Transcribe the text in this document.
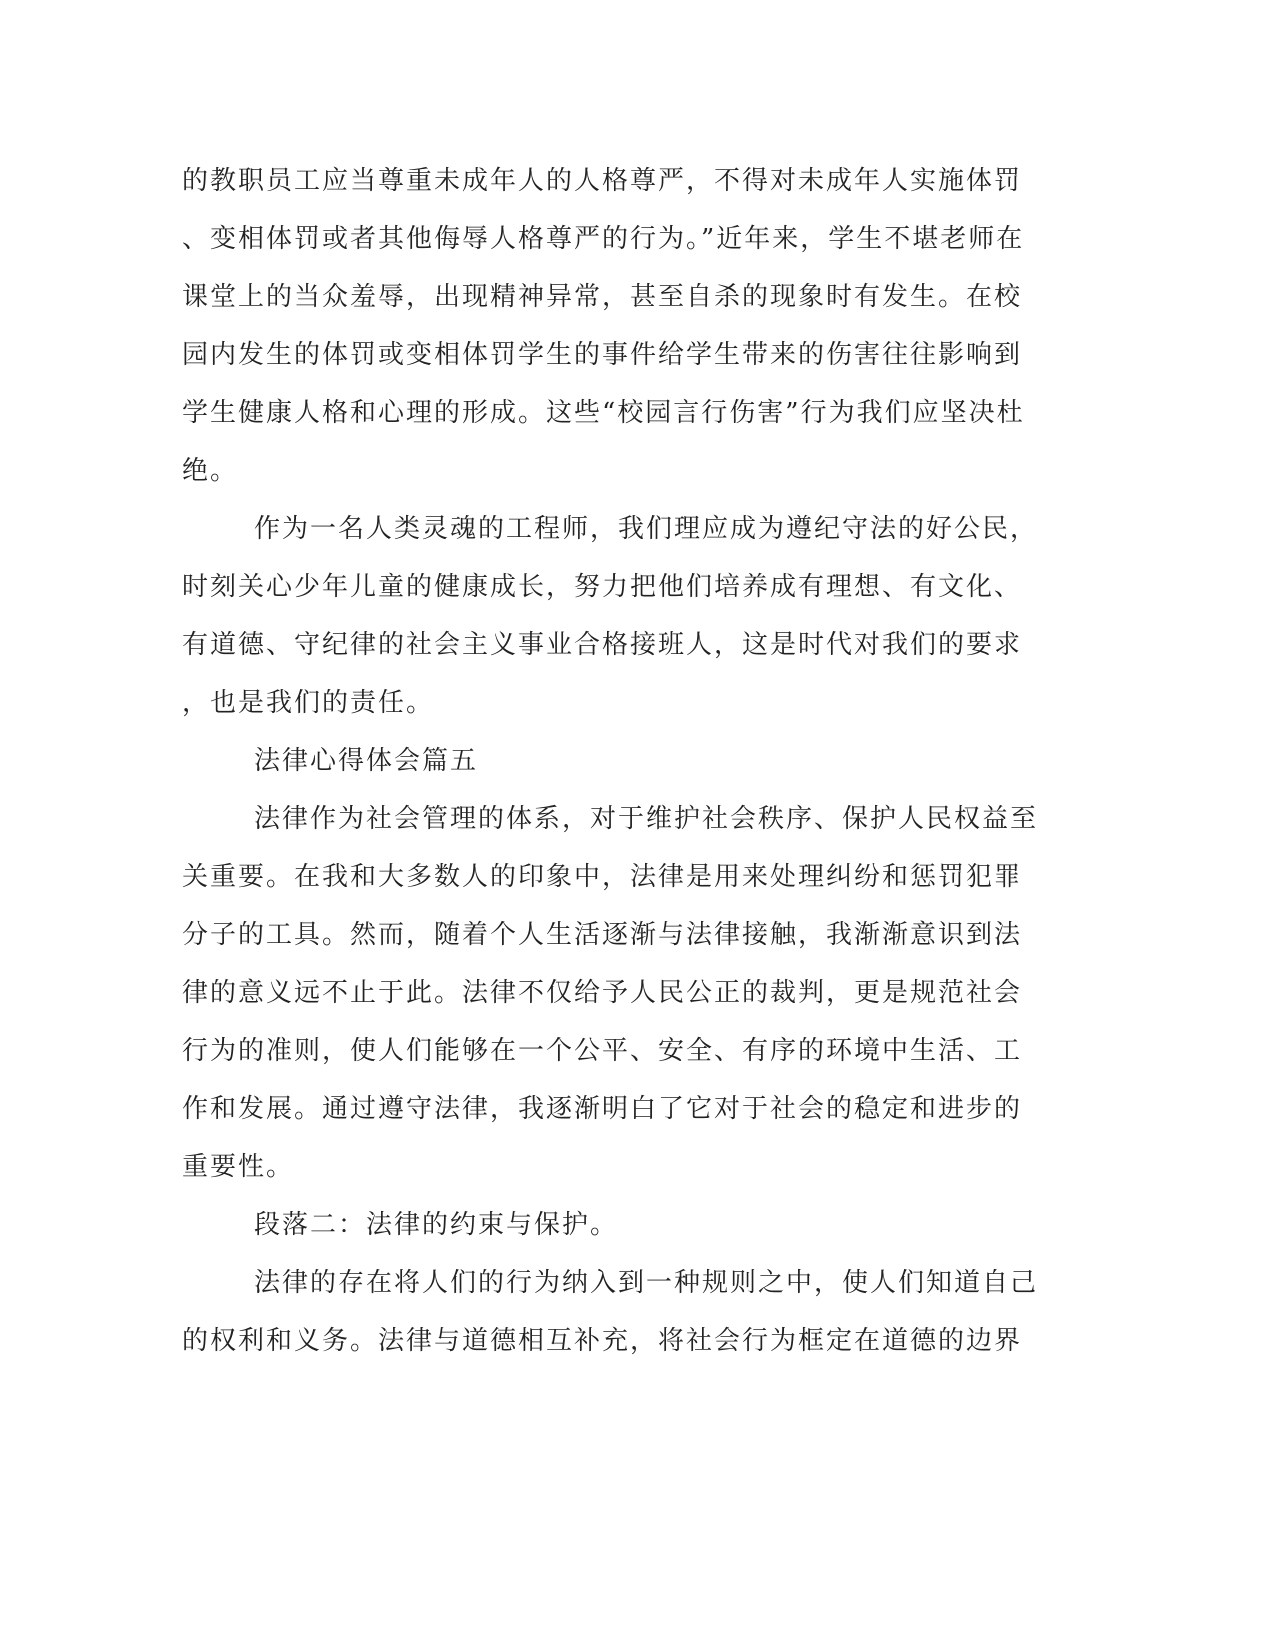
的教职员工应当尊重未成年人的人格尊严，不得对未成年人实施体罚
、变相体罚或者其他侮辱人格尊严的行为。”近年来，学生不堪老师在
课堂上的当众羞辱，出现精神异常，甚至自杀的现象时有发生。在校
园内发生的体罚或变相体罚学生的事件给学生带来的伤害往往影响到
学生健康人格和心理的形成。这些“校园言行伤害”行为我们应坚决杜
绝。
作为一名人类灵魂的工程师，我们理应成为遵纪守法的好公民，
时刻关心少年儿童的健康成长，努力把他们培养成有理想、有文化、
有道德、守纪律的社会主义事业合格接班人，这是时代对我们的要求
，也是我们的责任。
法律心得体会篇五
法律作为社会管理的体系，对于维护社会秩序、保护人民权益至
关重要。在我和大多数人的印象中，法律是用来处理纠纷和惩罚犯罪
分子的工具。然而，随着个人生活逐渐与法律接触，我渐渐意识到法
律的意义远不止于此。法律不仅给予人民公正的裁判，更是规范社会
行为的准则，使人们能够在一个公平、安全、有序的环境中生活、工
作和发展。通过遵守法律，我逐渐明白了它对于社会的稳定和进步的
重要性。
段落二：法律的约束与保护。
法律的存在将人们的行为纳入到一种规则之中，使人们知道自己
的权利和义务。法律与道德相互补充，将社会行为框定在道德的边界
